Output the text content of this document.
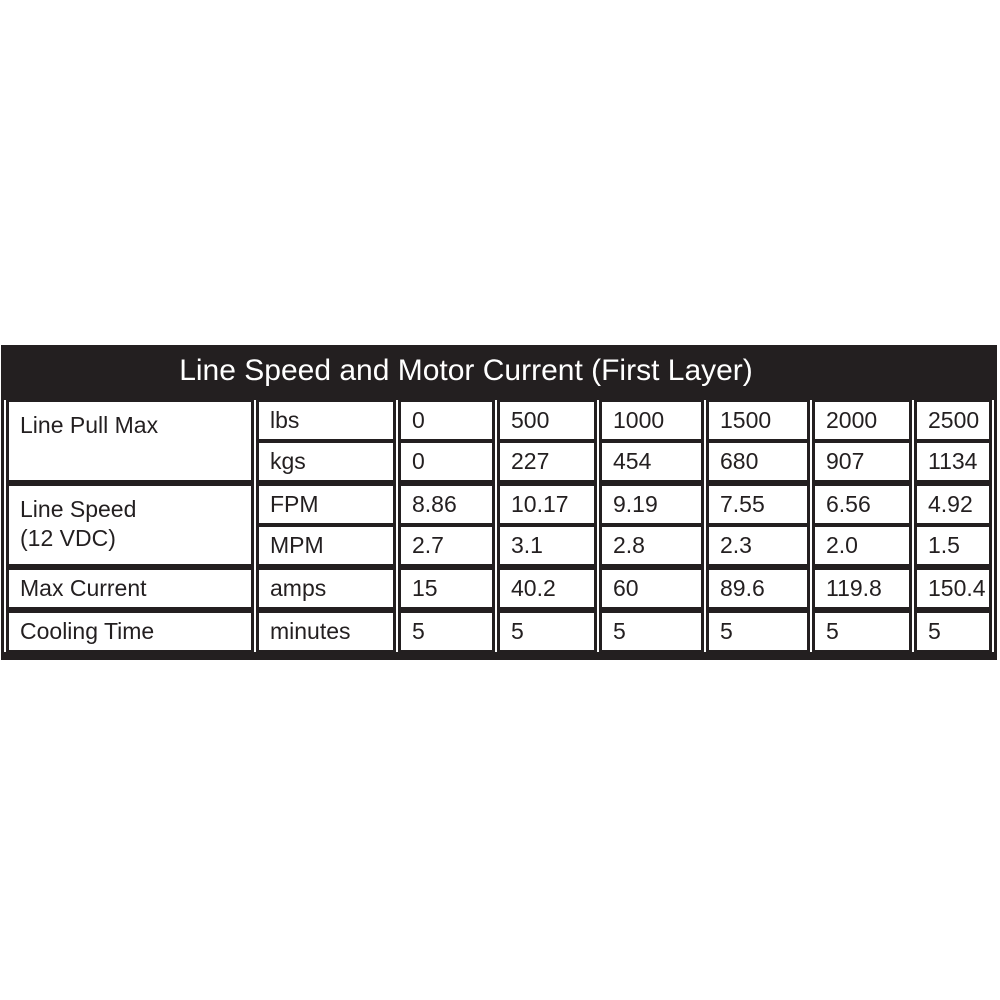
Line Speed and Motor Current (First Layer)
Line Pull Max	lbs	0	500	1000	1500	2000	2500
	kgs	0	227	454	680	907	1134

Line Speed
(12 VDC)	FPM	8.86	10.17	9.19	7.55	6.56	4.92
	MPM	2.7	3.1	2.8	2.3	2.0	1.5
Max Current	amps	15	40.2	60	89.6	119.8	150.4
Cooling Time	minutes	5	5	5	5	5	5
